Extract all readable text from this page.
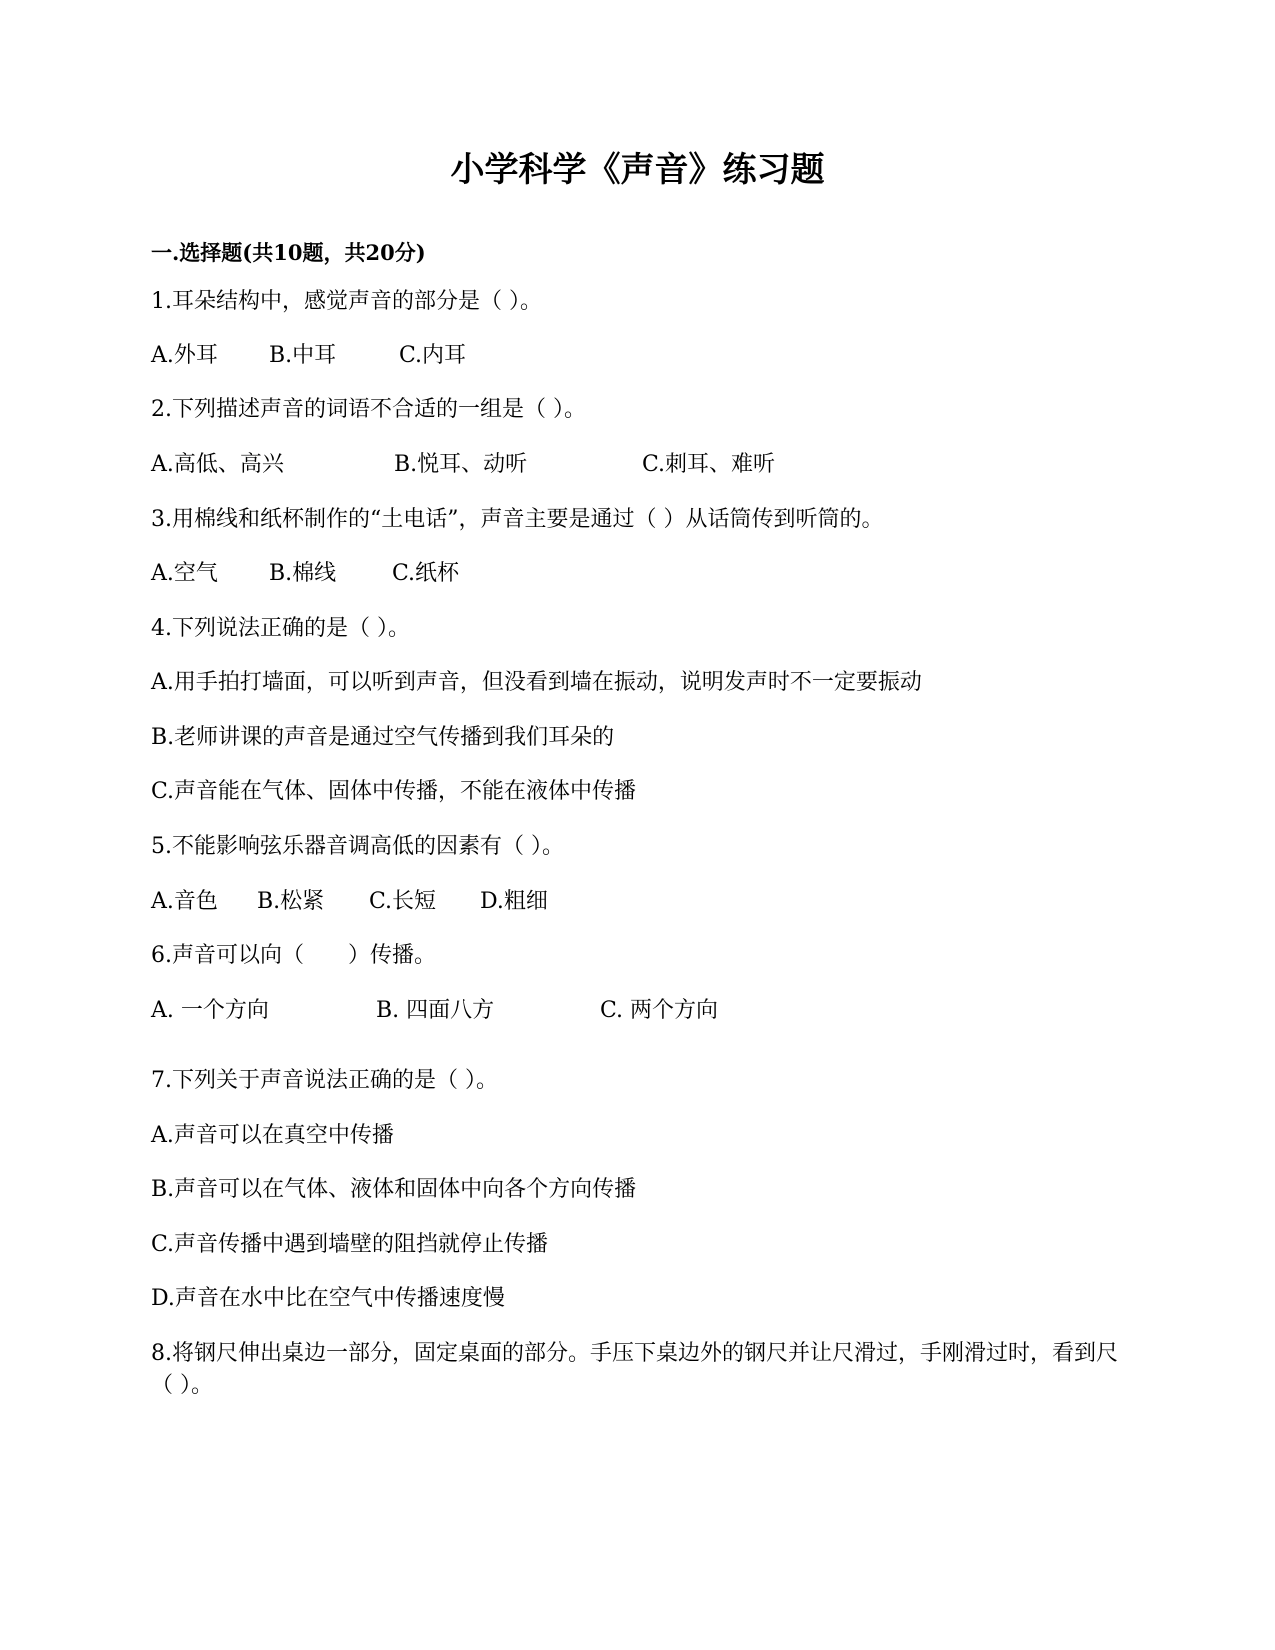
小学科学《声音》练习题
一.选择题(共10题，共20分)
1.耳朵结构中，感觉声音的部分是（ ）。
A.外耳 B.中耳	C.内耳
2.下列描述声音的词语不合适的一组是（ ）。
A.高低、高兴	B.悦耳、动听	C.刺耳、难听
3.用棉线和纸杯制作的“土电话”，声音主要是通过（ ）从话筒传到听筒的。
A.空气 B.棉线	C.纸杯
4.下列说法正确的是（ ）。
A.用手拍打墙面，可以听到声音，但没看到墙在振动，说明发声时不一定要振动
B.老师讲课的声音是通过空气传播到我们耳朵的
C.声音能在气体、固体中传播，不能在液体中传播
5.不能影响弦乐器音调高低的因素有（ ）。
A.音色 B.松紧 C.长短 D.粗细
6.声音可以向（　　）传播。
A. 一个方向	B. 四面八方	C. 两个方向
7.下列关于声音说法正确的是（ ）。
A.声音可以在真空中传播
B.声音可以在气体、液体和固体中向各个方向传播
C.声音传播中遇到墙壁的阻挡就停止传播
D.声音在水中比在空气中传播速度慢
8.将钢尺伸出桌边一部分，固定桌面的部分。手压下桌边外的钢尺并让尺滑过，手刚滑过时，看到尺（ ）。
